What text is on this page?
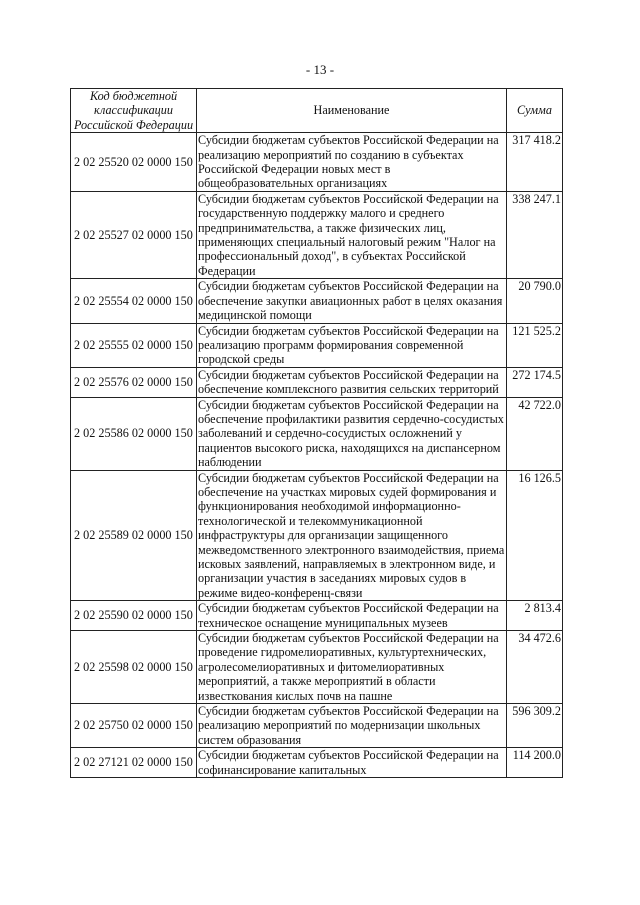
- 13 -
Код бюджетной классификации Российской Федерации	Наименование	Сумма
2 02 25520 02 0000 150	Субсидии бюджетам субъектов Российской Федерации на реализацию мероприятий по созданию в субъектах Российской Федерации новых мест в общеобразовательных организациях	317 418.2
2 02 25527 02 0000 150	Субсидии бюджетам субъектов Российской Федерации на государственную поддержку малого и среднего предпринимательства, а также физических лиц, применяющих специальный налоговый режим "Налог на профессиональный доход", в субъектах Российской Федерации	338 247.1
2 02 25554 02 0000 150	Субсидии бюджетам субъектов Российской Федерации на обеспечение закупки авиационных работ в целях оказания медицинской помощи	20 790.0
2 02 25555 02 0000 150	Субсидии бюджетам субъектов Российской Федерации на реализацию программ формирования современной городской среды	121 525.2
2 02 25576 02 0000 150	Субсидии бюджетам субъектов Российской Федерации на обеспечение комплексного развития сельских территорий	272 174.5
2 02 25586 02 0000 150	Субсидии бюджетам субъектов Российской Федерации на обеспечение профилактики развития сердечно-сосудистых заболеваний и сердечно-сосудистых осложнений у пациентов высокого риска, находящихся на диспансерном наблюдении	42 722.0
2 02 25589 02 0000 150	Субсидии бюджетам субъектов Российской Федерации на обеспечение на участках мировых судей формирования и функционирования необходимой информационно-технологической и телекоммуникационной инфраструктуры для организации защищенного межведомственного электронного взаимодействия, приема исковых заявлений, направляемых в электронном виде, и организации участия в заседаниях мировых судов в режиме видео-конференц-связи	16 126.5
2 02 25590 02 0000 150	Субсидии бюджетам субъектов Российской Федерации на техническое оснащение муниципальных музеев	2 813.4
2 02 25598 02 0000 150	Субсидии бюджетам субъектов Российской Федерации на проведение гидромелиоративных, культуртехнических, агролесомелиоративных и фитомелиоративных мероприятий, а также мероприятий в области известкования кислых почв на пашне	34 472.6
2 02 25750 02 0000 150	Субсидии бюджетам субъектов Российской Федерации на реализацию мероприятий по модернизации школьных систем образования	596 309.2
2 02 27121 02 0000 150	Субсидии бюджетам субъектов Российской Федерации на софинансирование капитальных	114 200.0
